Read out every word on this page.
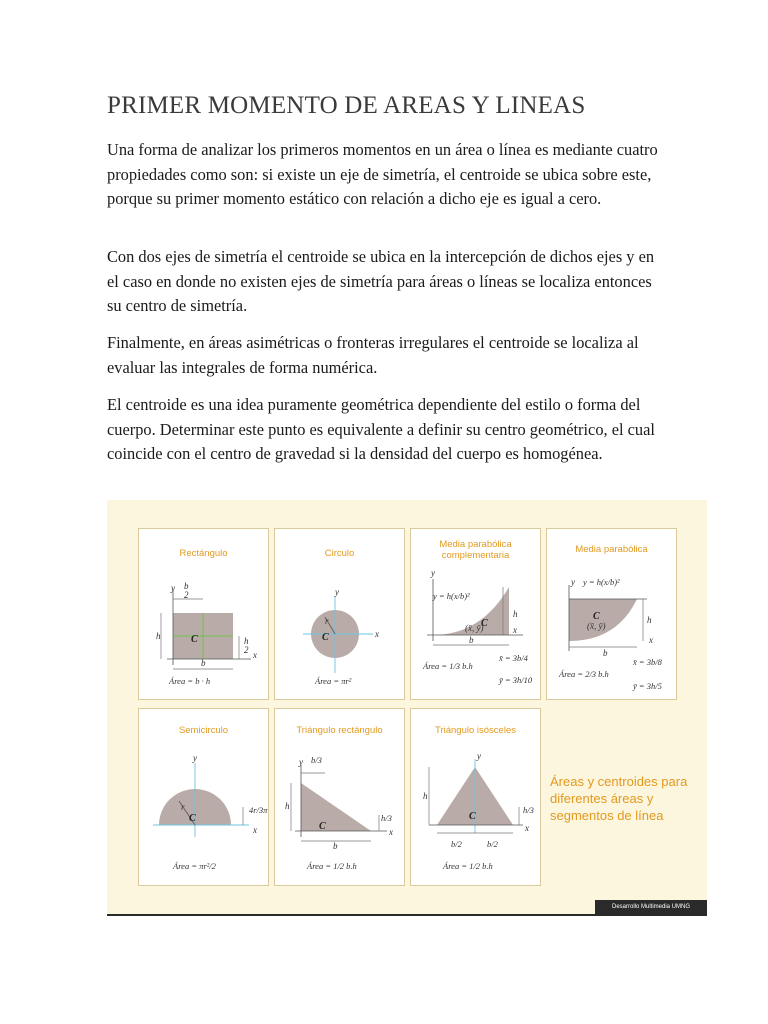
PRIMER MOMENTO DE AREAS Y LINEAS

Una forma de analizar los primeros momentos en un área o línea es mediante cuatro propiedades como son: si existe un eje de simetría, el centroide se ubica sobre este, porque su primer momento estático con relación a dicho eje es igual a cero.

Con dos ejes de simetría el centroide se ubica en la intercepción de dichos ejes y en el caso en donde no existen ejes de simetría para áreas o líneas se localiza entonces su centro de simetría.

Finalmente, en áreas asimétricas o fronteras irregulares el centroide se localiza al evaluar las integrales de forma numérica.

El centroide es una idea puramente geométrica dependiente del estilo o forma del cuerpo. Determinar este punto es equivalente a definir su centro geométrico, el cual coincide con el centro de gravedad si la densidad del cuerpo es homogénea.

Rectángulo

y b
2
h	C	h
2 x
b
Área = b · h

Circulo

y
r
C	x
Área = πr²

Media parabólica complementaria

y
y = h(x/b)²
C
(x̄, ȳ)
h
x
b
Área = 1/3 b.h
x̄ = 3b/4
ȳ = 3h/10

Media parabólica

y y = h(x/b)²
C
(x̄, ȳ)
h
x
b
Área = 2/3 b.h
x̄ = 3b/8
ȳ = 3h/5

Semicirculo

y
r
C
x
4r/3π
Área = πr²/2

Triángulo rectángulo

y b/3
h
C
h/3
x
b
Área = 1/2 b.h

Triángulo isósceles

y
h
C
h/3
x
b/2	b/2
Área = 1/2 b.h
Áreas y centroides para diferentes áreas y segmentos de línea
Desarrollo Multimedia UMNG
